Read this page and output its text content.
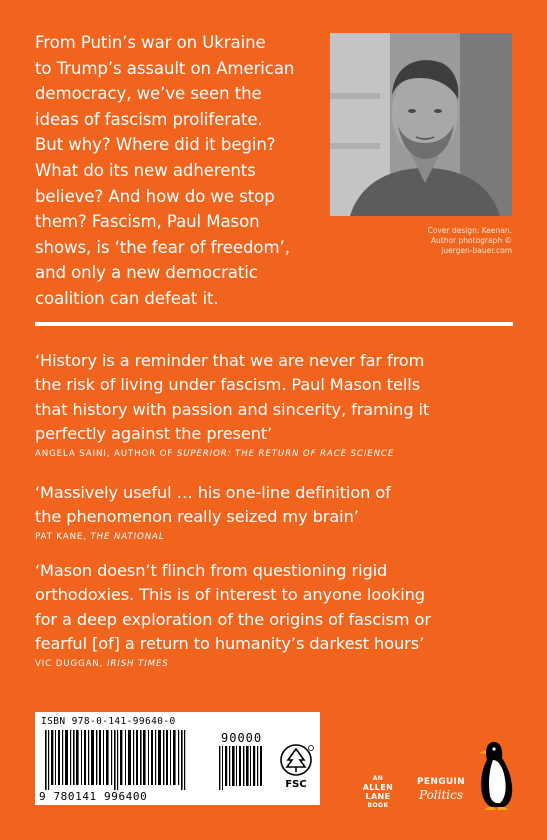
From Putin’s war on Ukraine
to Trump’s assault on American
democracy, we’ve seen the
ideas of fascism proliferate.
But why? Where did it begin?
What do its new adherents
believe? And how do we stop
them? Fascism, Paul Mason
shows, is ‘the fear of freedom’,
and only a new democratic
coalition can defeat it.
Cover design: Keenan.
Author photograph ©
juergen-bauer.com
‘History is a reminder that we are never far from
the risk of living under fascism. Paul Mason tells
that history with passion and sincerity, framing it
perfectly against the present’
ANGELA SAINI, AUTHOR OF SUPERIOR: THE RETURN OF RACE SCIENCE
‘Massively useful … his one-line definition of
the phenomenon really seized my brain’
PAT KANE, THE NATIONAL
‘Mason doesn’t flinch from questioning rigid
orthodoxies. This is of interest to anyone looking
for a deep exploration of the origins of fascism or
fearful [of] a return to humanity’s darkest hours’
VIC DUGGAN, IRISH TIMES
ISBN 978-0-141-99640-0
90000
9 780141 996400
FSC
AN
ALLEN
LANE
BOOK
PENGUIN
Politics
